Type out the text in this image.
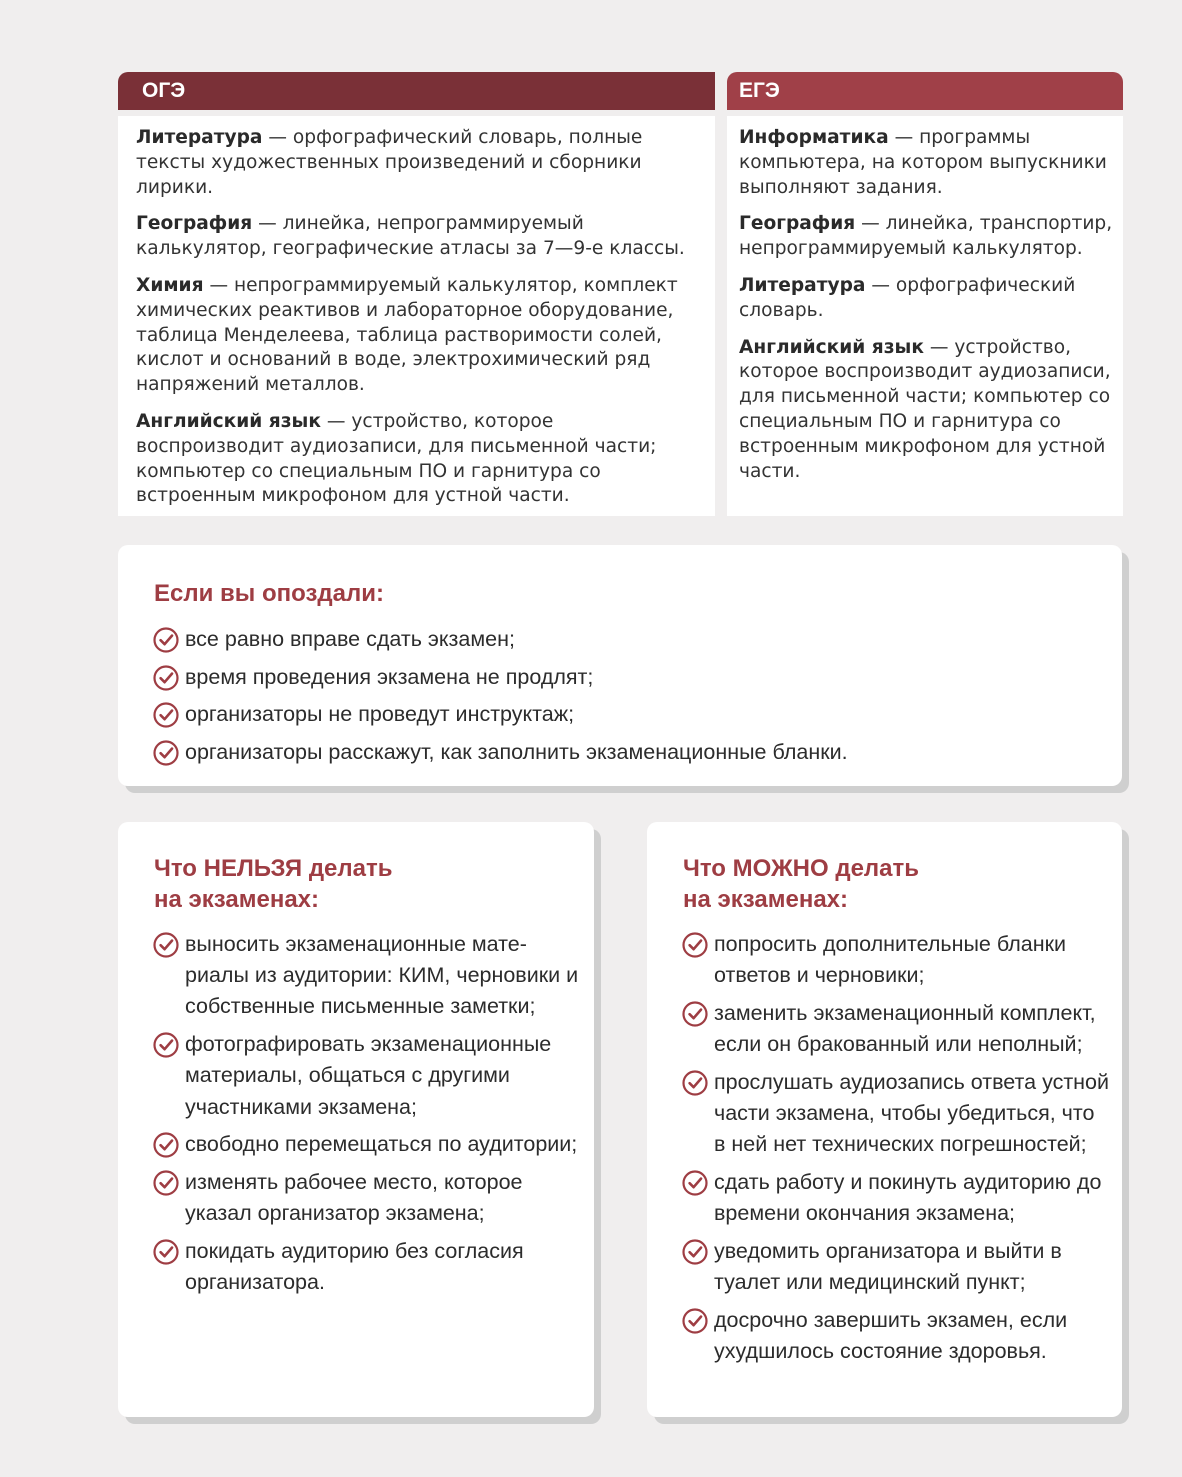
ОГЭ	ЕГЭ

Литература — орфографический словарь, полные тексты художественных произведений и сборники лирики.

География — линейка, непрограммируемый калькулятор, географические атласы за 7—9-е классы.

Химия — непрограммируемый калькулятор, комплект химических реактивов и лабораторное оборудование, таблица Менделеева, таблица растворимости солей, кислот и оснований в воде, электрохимический ряд напряжений металлов.

Английский язык — устройство, которое воспроизводит аудиозаписи, для письменной части; компьютер со специальным ПО и гарнитура со встроенным микрофоном для устной части.

Информатика — программы компьютера, на котором выпускники выполняют задания.

География — линейка, транспортир, непрограммируемый калькулятор.

Литература — орфографический словарь.

Английский язык — устройство, которое воспроизводит аудиозаписи, для письменной части; компьютер со специальным ПО и гарнитура со встроенным микрофоном для устной части.

Если вы опоздали:
все равно вправе сдать экзамен;
время проведения экзамена не продлят;
организаторы не проведут инструктаж;
организаторы расскажут, как заполнить экзаменационные бланки.
Что НЕЛЬЗЯ делать
на экзаменах:
выносить экзаменационные материалы из аудитории: КИМ, черновики и собственные письменные заметки;
фотографировать экзаменационные материалы, общаться с другими участниками экзамена;
свободно перемещаться по аудитории;
изменять рабочее место, которое указал организатор экзамена;
покидать аудиторию без согласия организатора.
Что МОЖНО делать
на экзаменах:
попросить дополнительные бланки ответов и черновики;
заменить экзаменационный комплект, если он бракованный или неполный;
прослушать аудиозапись ответа устной части экзамена, чтобы убедиться, что в ней нет технических погрешностей;
сдать работу и покинуть аудиторию до времени окончания экзамена;
уведомить организатора и выйти в туалет или медицинский пункт;
досрочно завершить экзамен, если ухудшилось состояние здоровья.
